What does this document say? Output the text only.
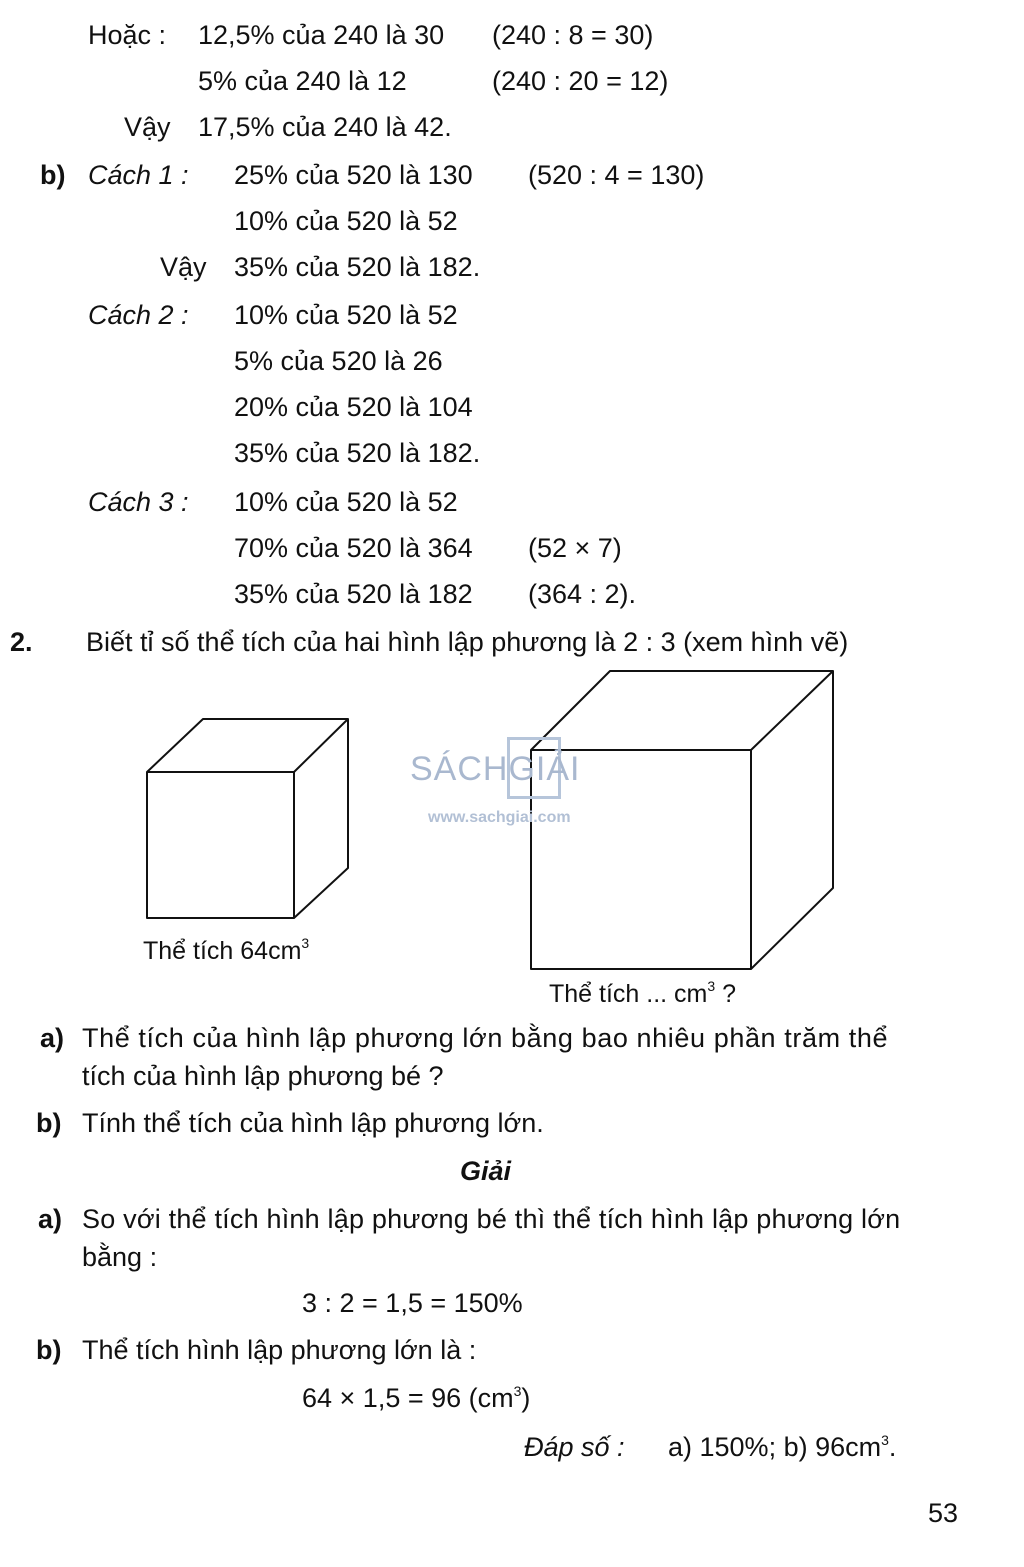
Hoặc : 12,5% của 240 là 30 (240 : 8 = 30)
5% của 240 là 12	(240 : 20 = 12)
Vậy 17,5% của 240 là 42.
b) Cách 1 : 25% của 520 là 130 (520 : 4 = 130)
10% của 520 là 52
Vậy 35% của 520 là 182.
Cách 2 : 10% của 520 là 52
5% của 520 là 26
20% của 520 là 104
35% của 520 là 182.
Cách 3 : 10% của 520 là 52
70% của 520 là 364 (52 × 7)
35% của 520 là 182 (364 : 2).
2. Biết tỉ số thể tích của hai hình lập phương là 2 : 3 (xem hình vẽ)
SÁCHGIẢI
www.sachgiai.com
Thể tích $64cm^3$
Thể tích ... $cm^3$ ?
a) Thể tích của hình lập phương lớn bằng bao nhiêu phần trăm thể
tích của hình lập phương bé ?
b) Tính thể tích của hình lập phương lớn.
Giải
a) So với thể tích hình lập phương bé thì thể tích hình lập phương lớn
bằng :
3 : 2 = 1,5 = 150%
b) Thể tích hình lập phương lớn là :
64 × 1,5 = 96 $(cm^3)$
Đáp số : a) 150%; b) $96cm^3$.
53
